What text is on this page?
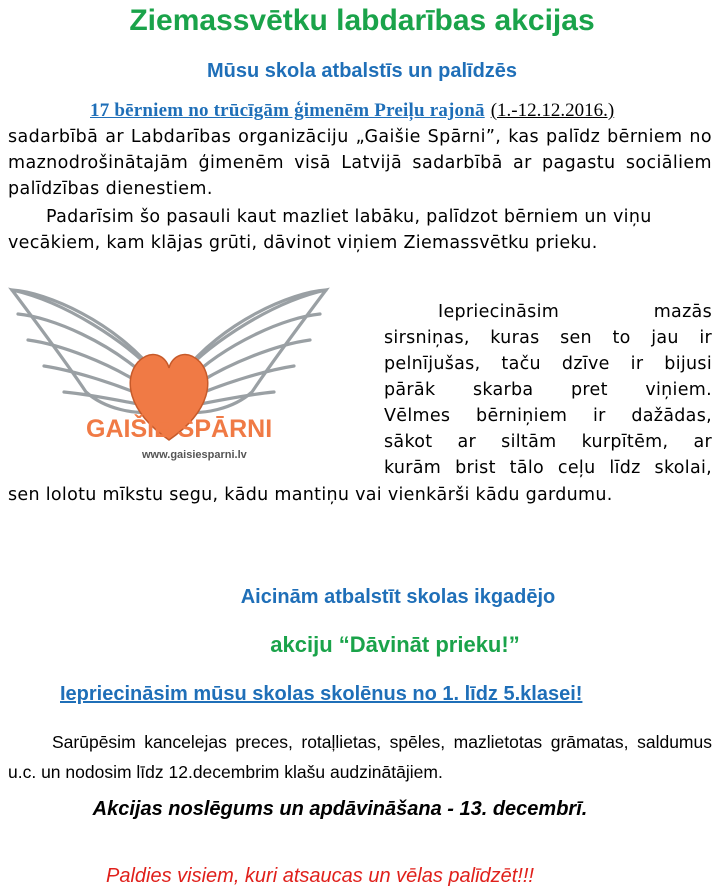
Ziemassvētku labdarības akcijas
Mūsu skola atbalstīs un palīdzēs
17 bērniem no trūcīgām ģimenēm Preiļu rajonā (1.-12.12.2016.)
sadarbībā ar Labdarības organizāciju „Gaišie Spārni”, kas palīdz bērniem no maznodrošinātajām ģimenēm visā Latvijā sadarbībā ar pagastu sociāliem palīdzības dienestiem.
Padarīsim šo pasauli kaut mazliet labāku, palīdzot bērniem un viņu vecākiem, kam klājas grūti, dāvinot viņiem Ziemassvētku prieku.
GAIŠIE SPĀRNI
www.gaisiesparni.lv
Iepriecināsim mazās
sirsniņas, kuras sen to jau ir
pelnījušas, taču dzīve ir bijusi
pārāk skarba pret viņiem.
Vēlmes bērniņiem ir dažādas,
sākot ar siltām kurpītēm, ar
kurām brist tālo ceļu līdz skolai,
sen lolotu mīkstu segu, kādu mantiņu vai vienkārši kādu gardumu.
Aicinām atbalstīt skolas ikgadējo
akciju “Dāvināt prieku!”
Iepriecināsim mūsu skolas skolēnus no 1. līdz 5.klasei!
Sarūpēsim kancelejas preces, rotaļlietas, spēles, mazlietotas grāmatas, saldumus u.c. un nodosim līdz 12.decembrim klašu audzinātājiem.
Akcijas noslēgums un apdāvināšana - 13. decembrī.
Paldies visiem, kuri atsaucas un vēlas palīdzēt!!!
